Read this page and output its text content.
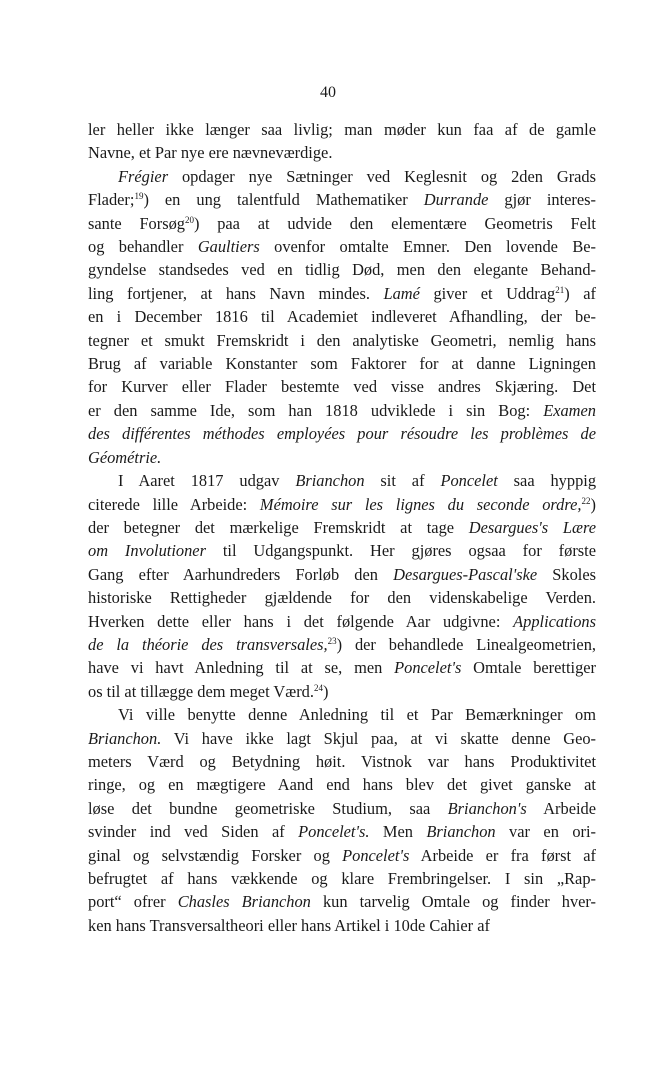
40
ler heller ikke længer saa livlig; man møder kun faa af de gamle
Navne, et Par nye ere nævneværdige.
Frégier opdager nye Sætninger ved Keglesnit og 2den Grads
Flader;$^{19}$) en ung talentfuld Mathematiker Durrande gjør interes-
sante Forsøg$^{20}$) paa at udvide den elementære Geometris Felt
og behandler Gaultiers ovenfor omtalte Emner. Den lovende Be-
gyndelse standsedes ved en tidlig Død, men den elegante Behand-
ling fortjener, at hans Navn mindes. Lamé giver et Uddrag$^{21}$) af
en i December 1816 til Academiet indleveret Afhandling, der be-
tegner et smukt Fremskridt i den analytiske Geometri, nemlig hans
Brug af variable Konstanter som Faktorer for at danne Ligningen
for Kurver eller Flader bestemte ved visse andres Skjæring. Det
er den samme Ide, som han 1818 udviklede i sin Bog: Examen
des différentes méthodes employées pour résoudre les problèmes de
Géométrie.
I Aaret 1817 udgav Brianchon sit af Poncelet saa hyppig
citerede lille Arbeide: Mémoire sur les lignes du seconde ordre,$^{22}$)
der betegner det mærkelige Fremskridt at tage Desargues's Lære
om Involutioner til Udgangspunkt. Her gjøres ogsaa for første
Gang efter Aarhundreders Forløb den Desargues-Pascal'ske Skoles
historiske Rettigheder gjældende for den videnskabelige Verden.
Hverken dette eller hans i det følgende Aar udgivne: Applications
de la théorie des transversales,$^{23}$) der behandlede Linealgeometrien,
have vi havt Anledning til at se, men Poncelet's Omtale berettiger
os til at tillægge dem meget Værd.$^{24}$)
Vi ville benytte denne Anledning til et Par Bemærkninger om
Brianchon. Vi have ikke lagt Skjul paa, at vi skatte denne Geo-
meters Værd og Betydning høit. Vistnok var hans Produktivitet
ringe, og en mægtigere Aand end hans blev det givet ganske at
løse det bundne geometriske Studium, saa Brianchon's Arbeide
svinder ind ved Siden af Poncelet's. Men Brianchon var en ori-
ginal og selvstændig Forsker og Poncelet's Arbeide er fra først af
befrugtet af hans vækkende og klare Frembringelser. I sin „Rap-
port“ ofrer Chasles Brianchon kun tarvelig Omtale og finder hver-
ken hans Transversaltheori eller hans Artikel i 10de Cahier af
